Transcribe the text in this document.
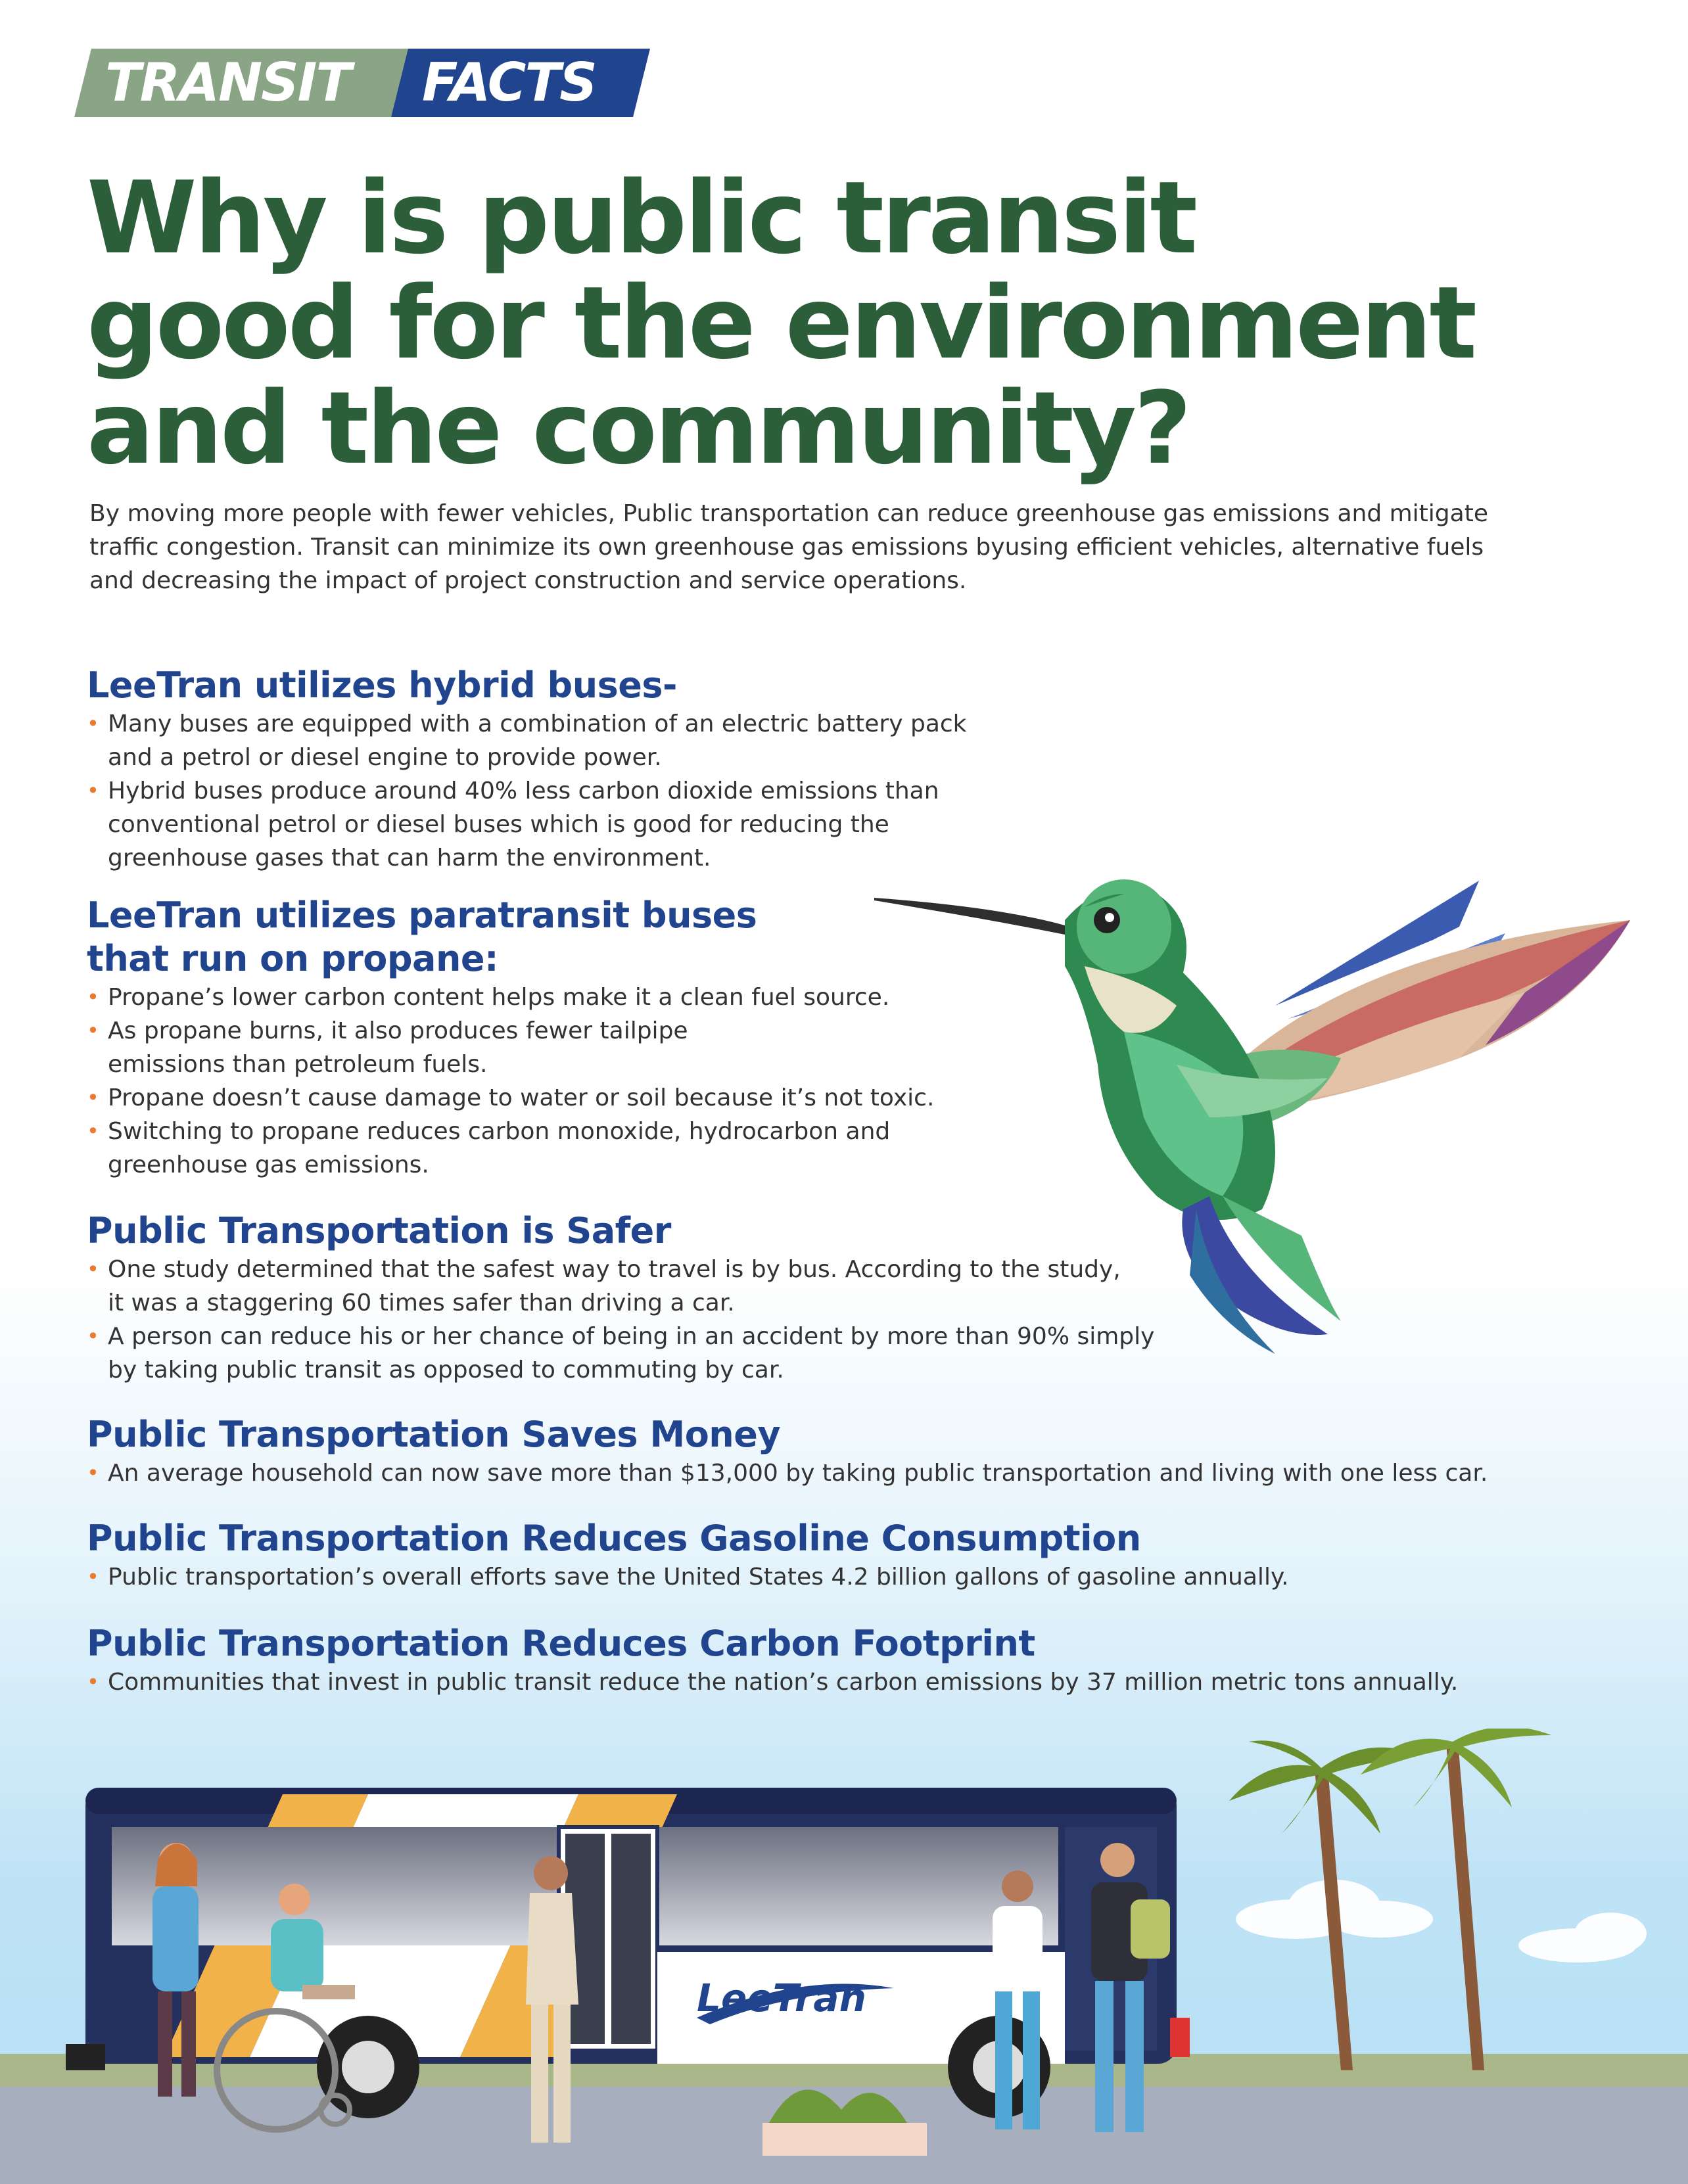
TRANSIT	FACTS
Why is public transit
good for the environment
and the community?

By moving more people with fewer vehicles, Public transportation can reduce greenhouse gas emissions and mitigate traffic congestion. Transit can minimize its own greenhouse gas emissions byusing efficient vehicles, alternative fuels and decreasing the impact of project construction and service operations.

LeeTran utilizes hybrid buses-
• Many buses are equipped with a combination of an electric battery pack and a petrol or diesel engine to provide power.
• Hybrid buses produce around 40% less carbon dioxide emissions than conventional petrol or diesel buses which is good for reducing the greenhouse gases that can harm the environment.
LeeTran utilizes paratransit buses that run on propane:
• Propane’s lower carbon content helps make it a clean fuel source.
• As propane burns, it also produces fewer tailpipe emissions than petroleum fuels.
• Propane doesn’t cause damage to water or soil because it’s not toxic.
• Switching to propane reduces carbon monoxide, hydrocarbon and greenhouse gas emissions.
Public Transportation is Safer
• One study determined that the safest way to travel is by bus. According to the study, it was a staggering 60 times safer than driving a car.
• A person can reduce his or her chance of being in an accident by more than 90% simply by taking public transit as opposed to commuting by car.
Public Transportation Saves Money
• An average household can now save more than $13,000 by taking public transportation and living with one less car.
Public Transportation Reduces Gasoline Consumption
• Public transportation’s overall efforts save the United States 4.2 billion gallons of gasoline annually.
Public Transportation Reduces Carbon Footprint
• Communities that invest in public transit reduce the nation’s carbon emissions by 37 million metric tons annually.
LeeTran
